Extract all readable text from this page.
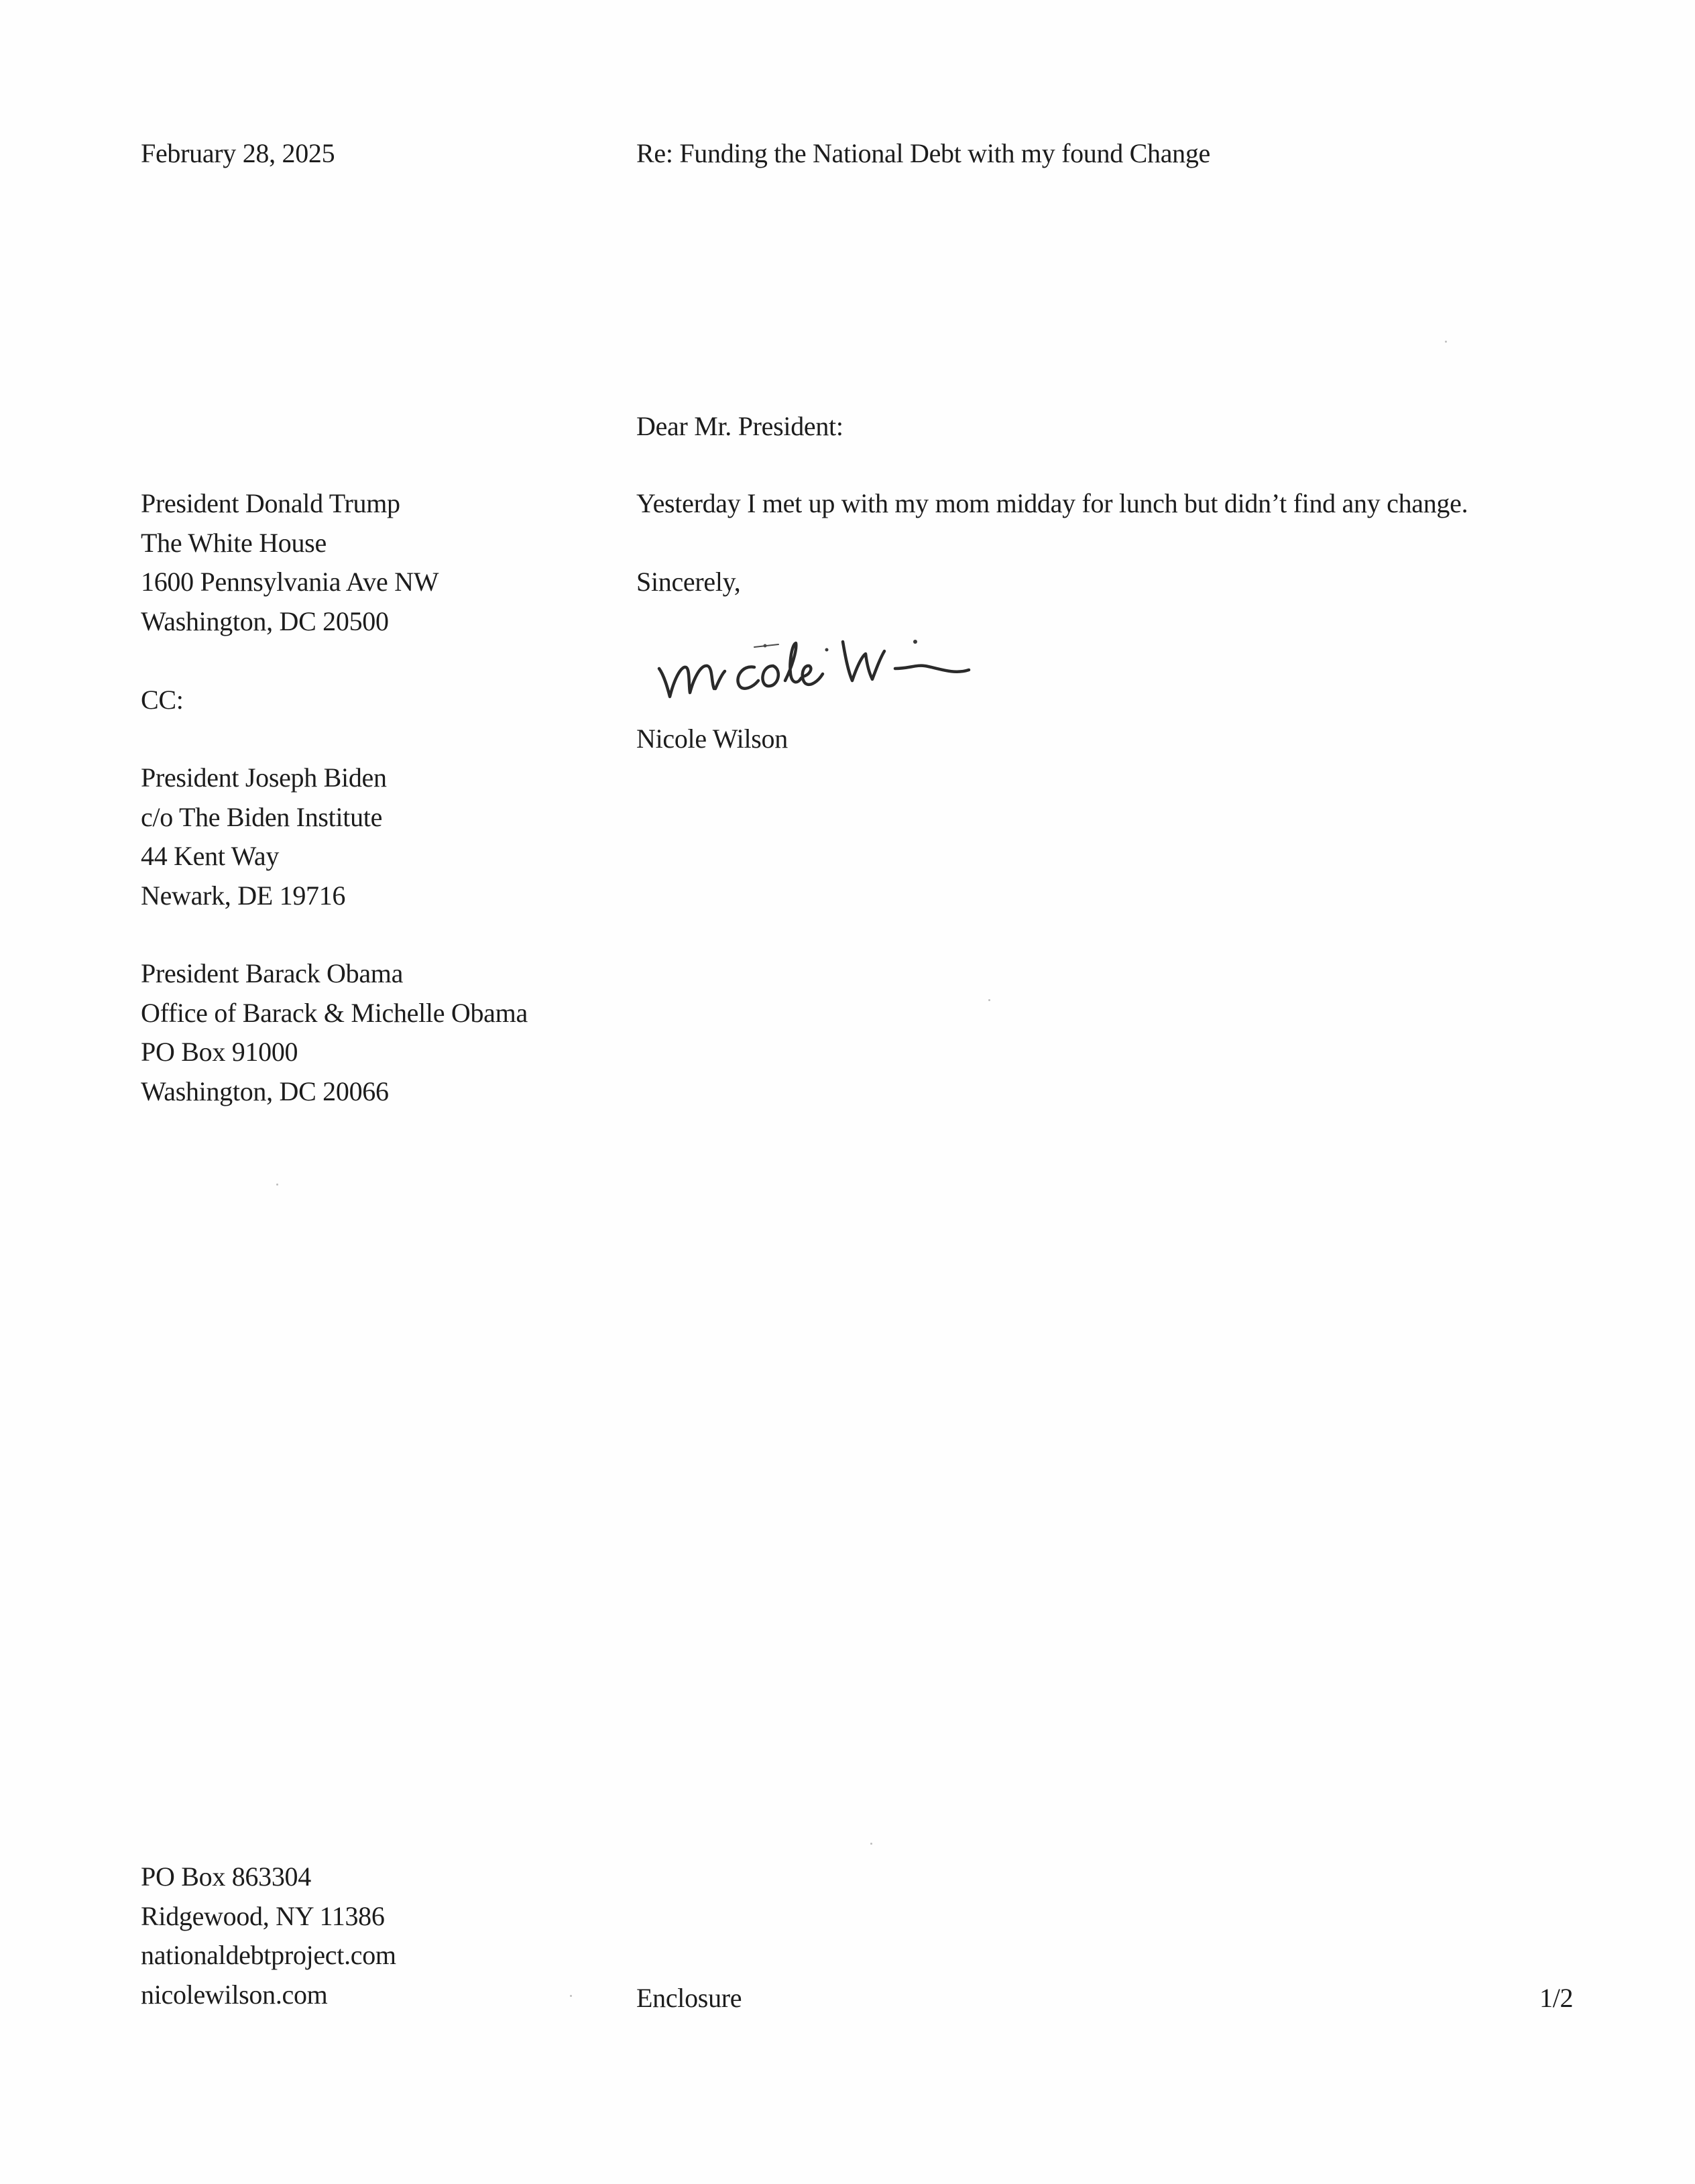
February 28, 2025	Re: Funding the National Debt with my found Change
Dear Mr. President:
President Donald Trump
The White House
1600 Pennsylvania Ave NW
Washington, DC 20500
Yesterday I met up with my mom midday for lunch but didn’t find any change.
Sincerely,
Nicole Wilson
CC:
President Joseph Biden
c/o The Biden Institute
44 Kent Way
Newark, DE 19716
President Barack Obama
Office of Barack & Michelle Obama
PO Box 91000
Washington, DC 20066
PO Box 863304
Ridgewood, NY 11386
nationaldebtproject.com
nicolewilson.com	Enclosure	1/2
